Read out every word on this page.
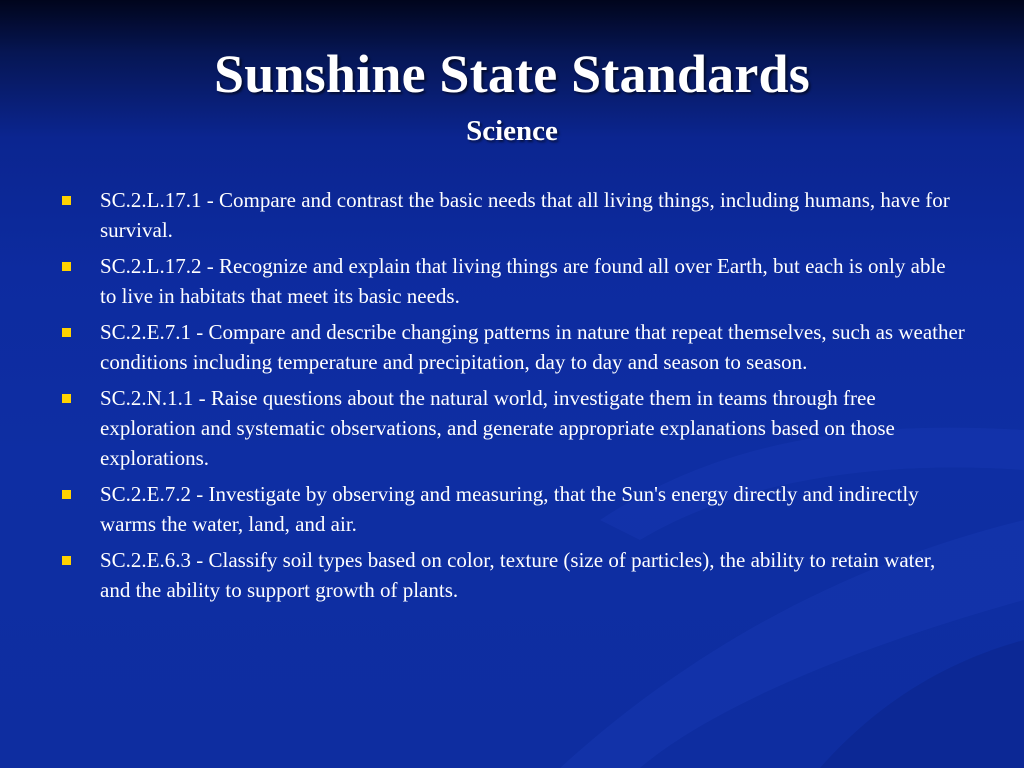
Sunshine State Standards
Science
SC.2.L.17.1 - Compare and contrast the basic needs that all living things, including humans, have for survival.
SC.2.L.17.2 - Recognize and explain that living things are found all over Earth, but each is only able to live in habitats that meet its basic needs.
SC.2.E.7.1 - Compare and describe changing patterns in nature that repeat themselves, such as weather conditions including temperature and precipitation, day to day and season to season.
SC.2.N.1.1 - Raise questions about the natural world, investigate them in teams through free exploration and systematic observations, and generate appropriate explanations based on those explorations.
SC.2.E.7.2 - Investigate by observing and measuring, that the Sun's energy directly and indirectly warms the water, land, and air.
SC.2.E.6.3 - Classify soil types based on color, texture (size of particles), the ability to retain water, and the ability to support growth of plants.
